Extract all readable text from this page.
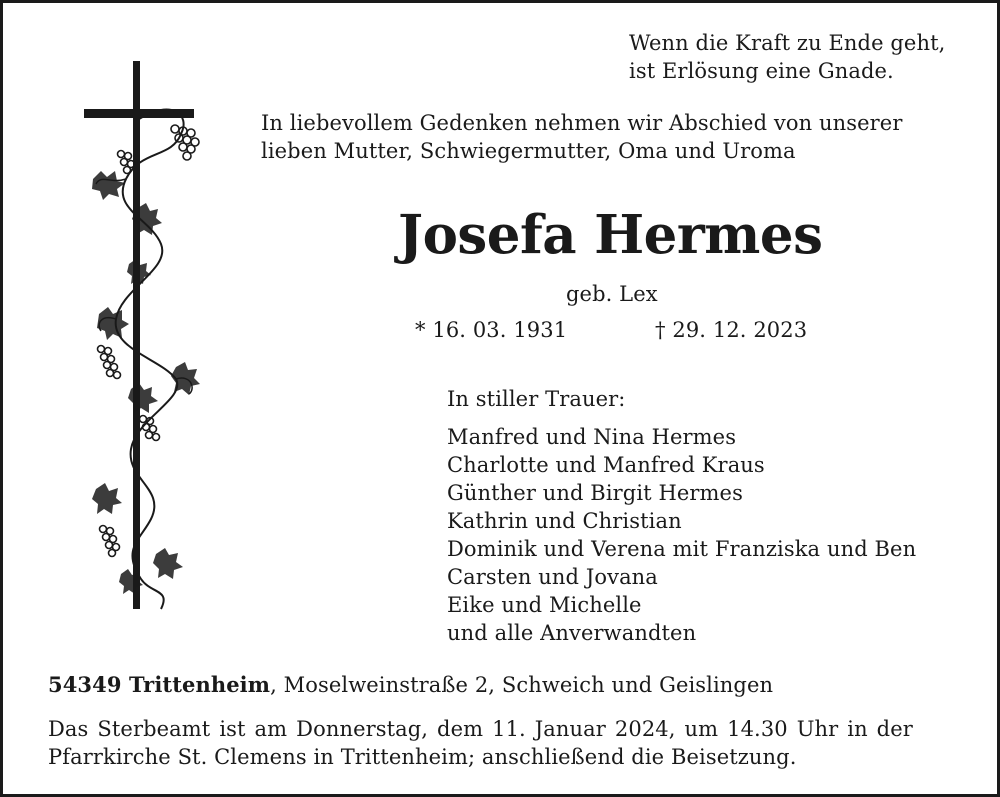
Wenn die Kraft zu Ende geht,
ist Erlösung eine Gnade.
In liebevollem Gedenken nehmen wir Abschied von unserer
lieben Mutter, Schwiegermutter, Oma und Uroma
Josefa Hermes
geb. Lex
* 16. 03. 1931	† 29. 12. 2023
In stiller Trauer:
Manfred und Nina Hermes
Charlotte und Manfred Kraus
Günther und Birgit Hermes
Kathrin und Christian
Dominik und Verena mit Franziska und Ben
Carsten und Jovana
Eike und Michelle
und alle Anverwandten
54349 Trittenheim, Moselweinstraße 2, Schweich und Geislingen
Das Sterbeamt ist am Donnerstag, dem 11. Januar 2024, um 14.30 Uhr in der
Pfarrkirche St. Clemens in Trittenheim; anschließend die Beisetzung.
